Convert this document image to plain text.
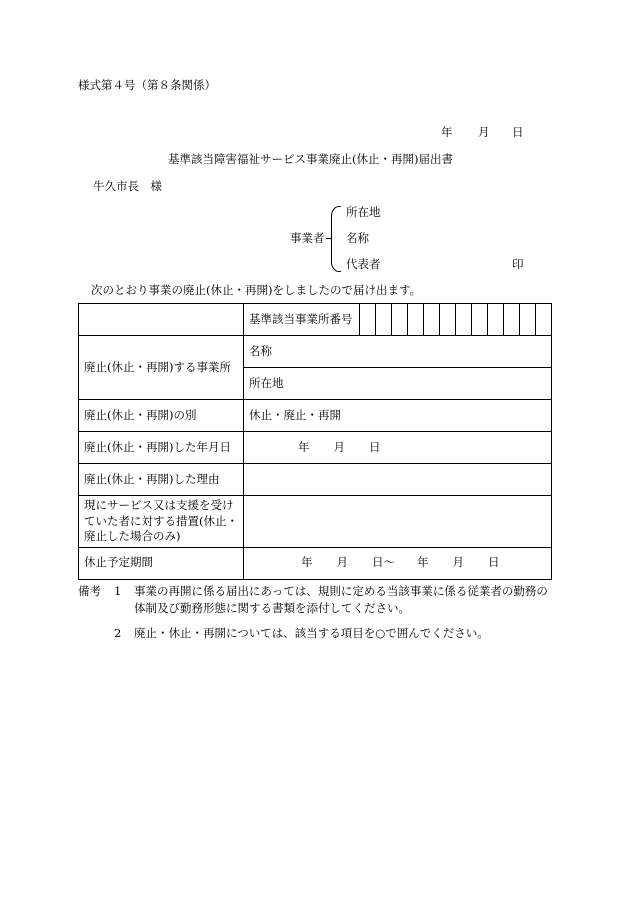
様式第４号（第８条関係）
年 月 日
基準該当障害福祉サービス事業廃止(休止・再開)届出書
牛久市長　様
事業者
所在地
名称
代表者	印
次のとおり事業の廃止(休止・再開)をしましたので届け出ます。
	基準該当事業所番号												
廃止(休止・再開)する事業所	名称												
	所在地												
廃止(休止・再開)の別	休止・廃止・再開												
廃止(休止・再開)した年月日	年 月 日												
廃止(休止・再開)した理由													
現にサービス又は支援を受けていた者に対する措置(休止・廃止した場合のみ)													
休止予定期間	年 月 日〜 年 月 日												
備考 1 事業の再開に係る届出にあっては、規則に定める当該事業に係る従業者の勤務の体制及び勤務形態に関する書類を添付してください。
2 廃止・休止・再開については、該当する項目を○で囲んでください。
